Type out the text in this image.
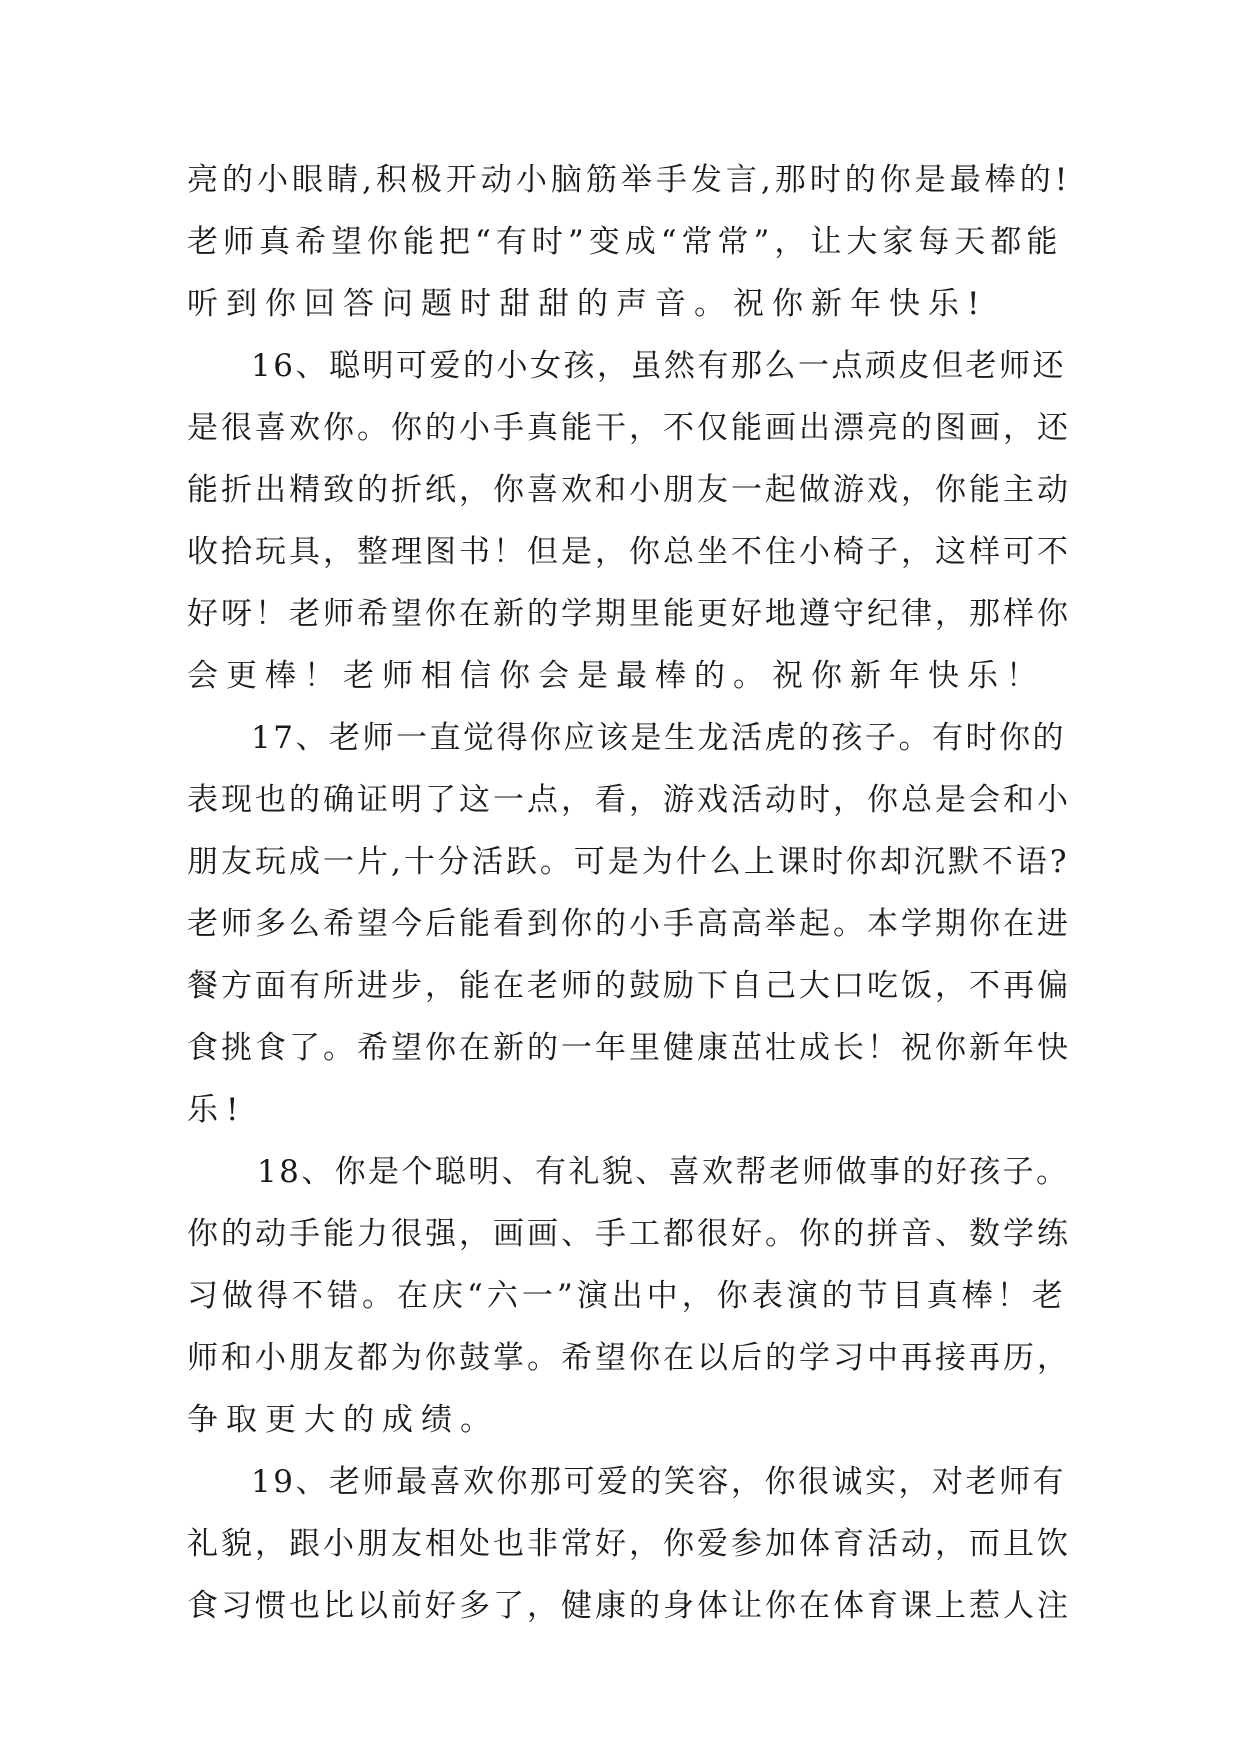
亮的小眼睛,积极开动小脑筋举手发言,那时的你是最棒的!

老师真希望你能把“有时”变成“常常”，让大家每天都能

听到你回答问题时甜甜的声音。祝你新年快乐!

16、聪明可爱的小女孩，虽然有那么一点顽皮但老师还

是很喜欢你。你的小手真能干，不仅能画出漂亮的图画，还

能折出精致的折纸，你喜欢和小朋友一起做游戏，你能主动

收拾玩具，整理图书！但是，你总坐不住小椅子，这样可不

好呀！老师希望你在新的学期里能更好地遵守纪律，那样你

会更棒！老师相信你会是最棒的。祝你新年快乐！

17、老师一直觉得你应该是生龙活虎的孩子。有时你的

表现也的确证明了这一点，看，游戏活动时，你总是会和小

朋友玩成一片,十分活跃。可是为什么上课时你却沉默不语?

老师多么希望今后能看到你的小手高高举起。本学期你在进

餐方面有所进步，能在老师的鼓励下自己大口吃饭，不再偏

食挑食了。希望你在新的一年里健康茁壮成长！祝你新年快

乐!

18、你是个聪明、有礼貌、喜欢帮老师做事的好孩子。

你的动手能力很强，画画、手工都很好。你的拼音、数学练

习做得不错。在庆“六一”演出中，你表演的节目真棒！老

师和小朋友都为你鼓掌。希望你在以后的学习中再接再历，

争取更大的成绩。

19、老师最喜欢你那可爱的笑容，你很诚实，对老师有

礼貌，跟小朋友相处也非常好，你爱参加体育活动，而且饮

食习惯也比以前好多了，健康的身体让你在体育课上惹人注
